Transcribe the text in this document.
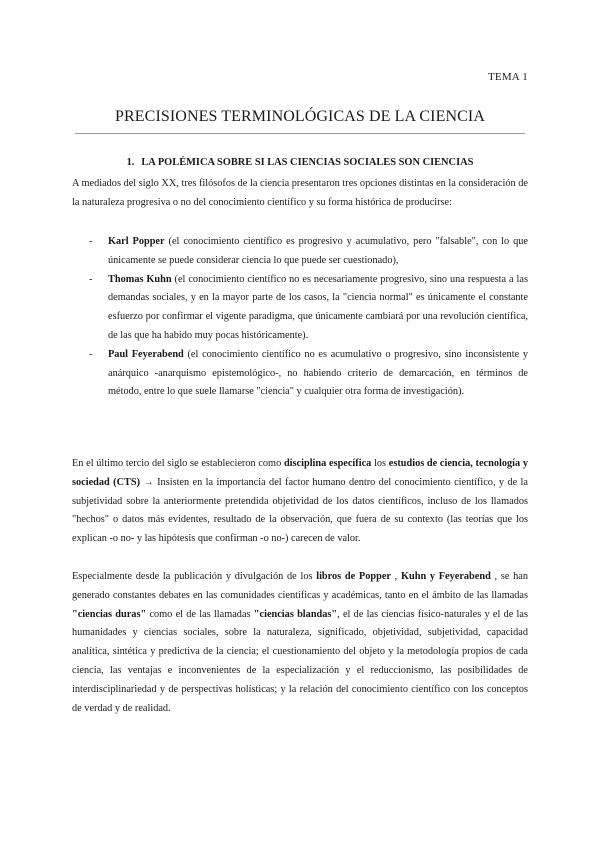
TEMA 1
PRECISIONES TERMINOLÓGICAS DE LA CIENCIA
1. LA POLÉMICA SOBRE SI LAS CIENCIAS SOCIALES SON CIENCIAS
A mediados del siglo XX, tres filósofos de la ciencia presentaron tres opciones distintas en la consideración de la naturaleza progresiva o no del conocimiento científico y su forma histórica de producirse:
- Karl Popper (el conocimiento científico es progresivo y acumulativo, pero "falsable", con lo que únicamente se puede considerar ciencia lo que puede ser cuestionado),
- Thomas Kuhn (el conocimiento científico no es necesariamente progresivo, sino una respuesta a las demandas sociales, y en la mayor parte de los casos, la "ciencia normal" es únicamente el constante esfuerzo por confirmar el vigente paradigma, que únicamente cambiará por una revolución científica, de las que ha habido muy pocas históricamente).
- Paul Feyerabend (el conocimiento científico no es acumulativo o progresivo, sino inconsistente y anárquico -anarquismo epistemológico-, no habiendo criterio de demarcación, en términos de método, entre lo que suele llamarse "ciencia" y cualquier otra forma de investigación).
En el último tercio del siglo se establecieron como disciplina específica los estudios de ciencia, tecnología y sociedad (CTS) → Insisten en la importancia del factor humano dentro del conocimiento científico, y de la subjetividad sobre la anteriormente pretendida objetividad de los datos científicos, incluso de los llamados "hechos" o datos más evidentes, resultado de la observación, que fuera de su contexto (las teorías que los explican -o no- y las hipótesis que confirman -o no-) carecen de valor.
Especialmente desde la publicación y divulgación de los libros de Popper , Kuhn y Feyerabend , se han generado constantes debates en las comunidades científicas y académicas, tanto en el ámbito de las llamadas "ciencias duras" como el de las llamadas "ciencias blandas", el de las ciencias físico-naturales y el de las humanidades y ciencias sociales, sobre la naturaleza, significado, objetividad, subjetividad, capacidad analítica, sintética y predictiva de la ciencia; el cuestionamiento del objeto y la metodología propios de cada ciencia, las ventajas e inconvenientes de la especialización y el reduccionismo, las posibilidades de interdisciplinariedad y de perspectivas holísticas; y la relación del conocimiento científico con los conceptos de verdad y de realidad.
